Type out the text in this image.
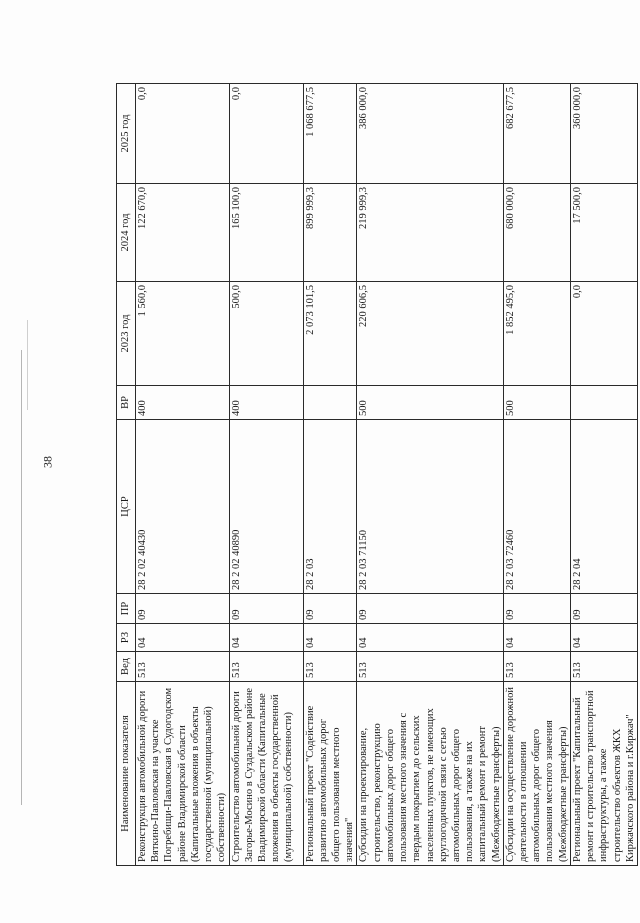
38
Наименование показателя	Вед	РЗ	ПР	ЦСР	ВР	2023 год	2024 год	2025 год
Реконструкция автомобильной дороги Вяткино-Павловская на участке Погребищи-Павловская в Судогодском районе Владимирской области (Капитальные вложения в объекты государственной (муниципальной) собственности)	513	04	09	28 2 02 40430	400	1 560,0	122 670,0	0,0
Строительство автомобильной дороги Загорье-Мосино в Суздальском районе Владимирской области (Капитальные вложения в объекты государственной (муниципальной) собственности)	513	04	09	28 2 02 40890	400	500,0	165 100,0	0,0
Региональный проект "Содействие развитию автомобильных дорог общего пользования местного значения"	513	04	09	28 2 03		2 073 101,5	899 999,3	1 068 677,5
Субсидии на проектирование, строительство, реконструкцию автомобильных дорог общего пользования местного значения с твердым покрытием до сельских населенных пунктов, не имеющих круглогодичной связи с сетью автомобильных дорог общего пользования, а также на их капитальный ремонт и ремонт (Межбюджетные трансферты)	513	04	09	28 2 03 71150	500	220 606,5	219 999,3	386 000,0
Субсидии на осуществление дорожной деятельности в отношении автомобильных дорог общего пользования местного значения (Межбюджетные трансферты)	513	04	09	28 2 03 72460	500	1 852 495,0	680 000,0	682 677,5
Региональный проект "Капитальный ремонт и строительство транспортной инфраструктуры, а также строительство объектов ЖКХ Киржачского района и г.Киржач"	513	04	09	28 2 04		0,0	17 500,0	360 000,0
